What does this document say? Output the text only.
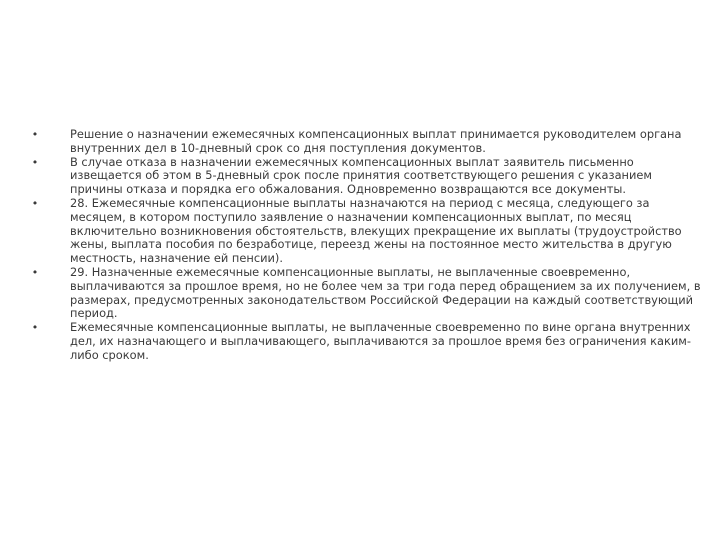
•	Решение о назначении ежемесячных компенсационных выплат принимается руководителем органа внутренних дел в 10-дневный срок со дня поступления документов.
•	В случае отказа в назначении ежемесячных компенсационных выплат заявитель письменно извещается об этом в 5-дневный срок после принятия соответствующего решения с указанием причины отказа и порядка его обжалования. Одновременно возвращаются все документы.
•	28. Ежемесячные компенсационные выплаты назначаются на период с месяца, следующего за месяцем, в котором поступило заявление о назначении компенсационных выплат, по месяц включительно возникновения обстоятельств, влекущих прекращение их выплаты (трудоустройство жены, выплата пособия по безработице, переезд жены на постоянное место жительства в другую местность, назначение ей пенсии).
•	29. Назначенные ежемесячные компенсационные выплаты, не выплаченные своевременно, выплачиваются за прошлое время, но не более чем за три года перед обращением за их получением, в размерах, предусмотренных законодательством Российской Федерации на каждый соответствующий период.
•	Ежемесячные компенсационные выплаты, не выплаченные своевременно по вине органа внутренних дел, их назначающего и выплачивающего, выплачиваются за прошлое время без ограничения каким-либо сроком.
